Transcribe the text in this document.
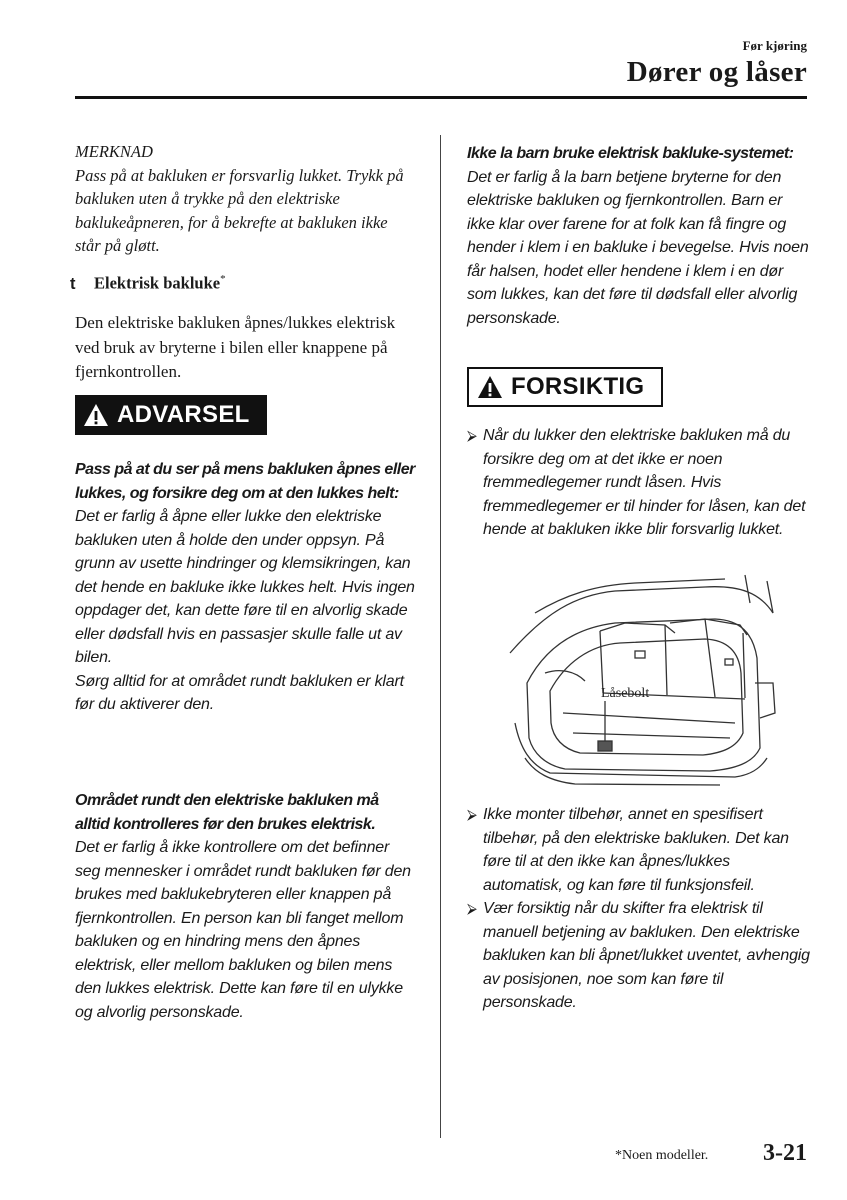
Før kjøring
Dører og låser

MERKNAD

Pass på at bakluken er forsvarlig lukket. Trykk på bakluken uten å trykke på den elektriske baklukeåpneren, for å bekrefte at bakluken ikke står på gløtt.

t Elektrisk bakluke*
Den elektriske bakluken åpnes/lukkes elektrisk ved bruk av bryterne i bilen eller knappene på fjernkontrollen.
ADVARSEL

Pass på at du ser på mens bakluken åpnes eller lukkes, og forsikre deg om at den lukkes helt:

Det er farlig å åpne eller lukke den elektriske bakluken uten å holde den under oppsyn. På grunn av usette hindringer og klemsikringen, kan det hende en bakluke ikke lukkes helt. Hvis ingen oppdager det, kan dette føre til en alvorlig skade eller dødsfall hvis en passasjer skulle falle ut av bilen.

Sørg alltid for at området rundt bakluken er klart før du aktiverer den.

Området rundt den elektriske bakluken må alltid kontrolleres før den brukes elektrisk.

Det er farlig å ikke kontrollere om det befinner seg mennesker i området rundt bakluken før den brukes med baklukebryteren eller knappen på fjernkontrollen. En person kan bli fanget mellom bakluken og en hindring mens den åpnes elektrisk, eller mellom bakluken og bilen mens den lukkes elektrisk. Dette kan føre til en ulykke og alvorlig personskade.

Ikke la barn bruke elektrisk bakluke-systemet:

Det er farlig å la barn betjene bryterne for den elektriske bakluken og fjernkontrollen. Barn er ikke klar over farene for at folk kan få fingre og hender i klem i en bakluke i bevegelse. Hvis noen får halsen, hodet eller hendene i klem i en dør som lukkes, kan det føre til dødsfall eller alvorlig personskade.

FORSIKTIG
⮚ Når du lukker den elektriske bakluken må du forsikre deg om at det ikke er noen fremmedlegemer rundt låsen. Hvis fremmedlegemer er til hinder for låsen, kan det hende at bakluken ikke blir forsvarlig lukket.
Låsebolt
⮚ Ikke monter tilbehør, annet en spesifisert tilbehør, på den elektriske bakluken. Det kan føre til at den ikke kan åpnes/lukkes automatisk, og kan føre til funksjonsfeil.
⮚ Vær forsiktig når du skifter fra elektrisk til manuell betjening av bakluken. Den elektriske bakluken kan bli åpnet/lukket uventet, avhengig av posisjonen, noe som kan føre til personskade.
*Noen modeller. 3-21
